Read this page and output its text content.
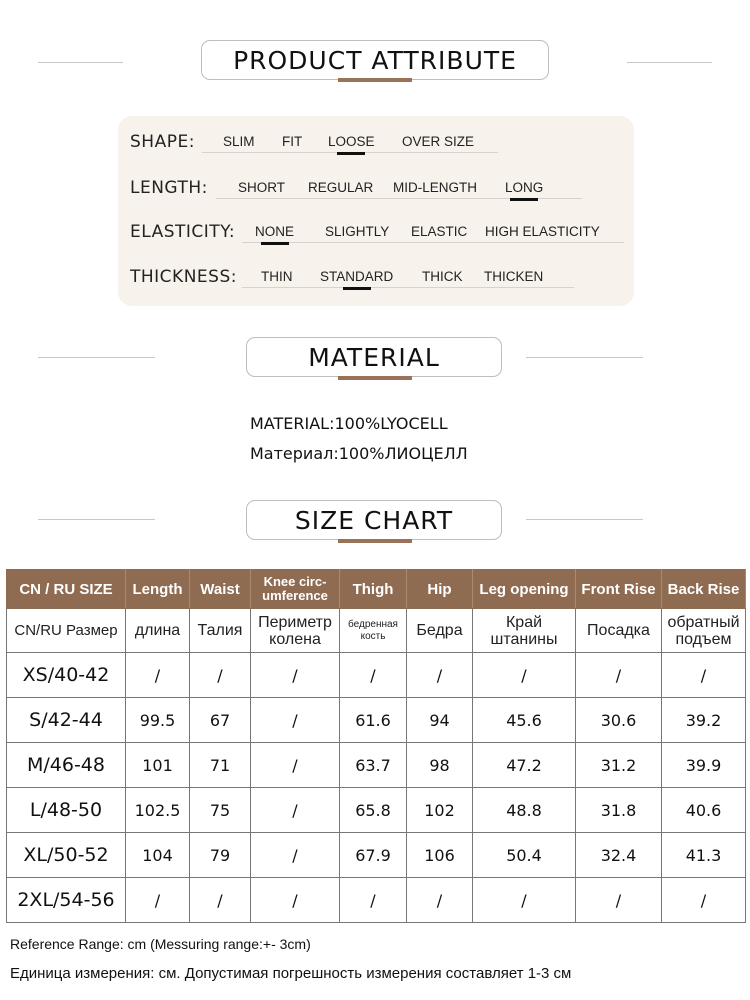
PRODUCT ATTRIBUTE
SHAPE: SLIM FIT LOOSE OVER SIZE
LENGTH: SHORT REGULAR MID-LENGTH LONG
ELASTICITY: NONE SLIGHTLY ELASTIC HIGH ELASTICITY
THICKNESS: THIN STANDARD THICK THICKEN
MATERIAL
MATERIAL:100%LYOCELL
Материал:100%ЛИОЦЕЛЛ
SIZE CHART
CN / RU SIZE	Length	Waist	Knee circ-
umference	Thigh	Hip	Leg opening	Front Rise	Back Rise
CN/RU Размер	длина	Талия	Периметр колена	бедренная кость	Бедра	Край штанины	Посадка	обратный подъем
XS/40-42	/	/	/	/	/	/	/	/
S/42-44	99.5	67	/	61.6	94	45.6	30.6	39.2
M/46-48	101	71	/	63.7	98	47.2	31.2	39.9
L/48-50	102.5	75	/	65.8	102	48.8	31.8	40.6
XL/50-52	104	79	/	67.9	106	50.4	32.4	41.3
2XL/54-56	/	/	/	/	/	/	/	/
Reference Range: cm (Messuring range:+- 3cm)
Единица измерения: см. Допустимая погрешность измерения составляет 1-3 см
